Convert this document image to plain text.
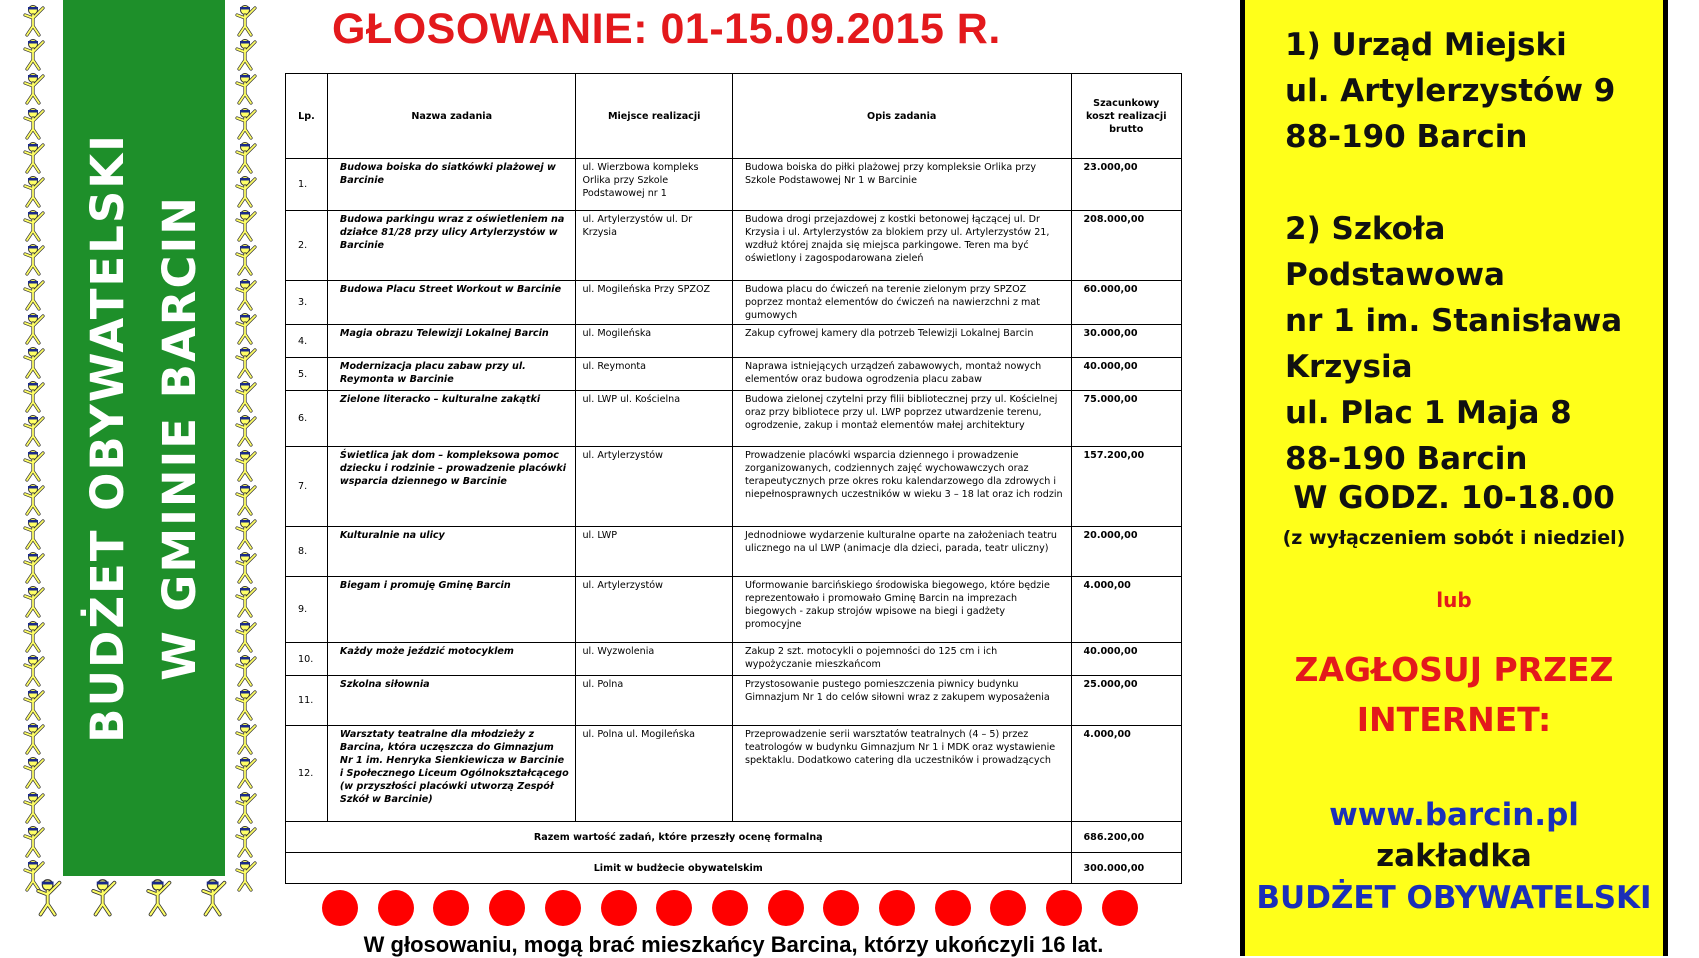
BUDŻET OBYWATELSKI W GMINIE BARCIN
GŁOSOWANIE: 01-15.09.2015 R.
Lp.	Nazwa zadania	Miejsce realizacji	Opis zadania	Szacunkowy koszt realizacji brutto
1.	Budowa boiska do siatkówki plażowej w Barcinie	ul. Wierzbowa kompleks Orlika przy Szkole Podstawowej nr 1	Budowa boiska do piłki plażowej przy kompleksie Orlika przy Szkole Podstawowej Nr 1 w Barcinie	23.000,00
2.	Budowa parkingu wraz z oświetleniem na działce 81/28 przy ulicy Artylerzystów w Barcinie	ul. Artylerzystów ul. Dr Krzysia	Budowa drogi przejazdowej z kostki betonowej łączącej ul. Dr Krzysia i ul. Artylerzystów za blokiem przy ul. Artylerzystów 21, wzdłuż której znajda się miejsca parkingowe. Teren ma być oświetlony i zagospodarowana zieleń	208.000,00
3.	Budowa Placu Street Workout w Barcinie	ul. Mogileńska Przy SPZOZ	Budowa placu do ćwiczeń na terenie zielonym przy SPZOZ poprzez montaż elementów do ćwiczeń na nawierzchni z mat gumowych	60.000,00
4.	Magia obrazu Telewizji Lokalnej Barcin	ul. Mogileńska	Zakup cyfrowej kamery dla potrzeb Telewizji Lokalnej Barcin	30.000,00
5.	Modernizacja placu zabaw przy ul. Reymonta w Barcinie	ul. Reymonta	Naprawa istniejących urządzeń zabawowych, montaż nowych elementów oraz budowa ogrodzenia placu zabaw	40.000,00
6.	Zielone literacko – kulturalne zakątki	ul. LWP ul. Kościelna	Budowa zielonej czytelni przy filii bibliotecznej przy ul. Kościelnej oraz przy bibliotece przy ul. LWP poprzez utwardzenie terenu, ogrodzenie, zakup i montaż elementów małej architektury	75.000,00
7.	Świetlica jak dom – kompleksowa pomoc dziecku i rodzinie – prowadzenie placówki wsparcia dziennego w Barcinie	ul. Artylerzystów	Prowadzenie placówki wsparcia dziennego i prowadzenie zorganizowanych, codziennych zajęć wychowawczych oraz terapeutycznych prze okres roku kalendarzowego dla zdrowych i niepełnosprawnych uczestników w wieku 3 – 18 lat oraz ich rodzin	157.200,00
8.	Kulturalnie na ulicy	ul. LWP	Jednodniowe wydarzenie kulturalne oparte na założeniach teatru ulicznego na ul LWP (animacje dla dzieci, parada, teatr uliczny)	20.000,00
9.	Biegam i promuję Gminę Barcin	ul. Artylerzystów	Uformowanie barcińskiego środowiska biegowego, które będzie reprezentowało i promowało Gminę Barcin na imprezach biegowych - zakup strojów wpisowe na biegi i gadżety promocyjne	4.000,00
10.	Każdy może jeździć motocyklem	ul. Wyzwolenia	Zakup 2 szt. motocykli o pojemności do 125 cm i ich wypożyczanie mieszkańcom	40.000,00
11.	Szkolna siłownia	ul. Polna	Przystosowanie pustego pomieszczenia piwnicy budynku Gimnazjum Nr 1 do celów siłowni wraz z zakupem wyposażenia	25.000,00
12.	Warsztaty teatralne dla młodzieży z Barcina, która uczęszcza do Gimnazjum Nr 1 im. Henryka Sienkiewicza w Barcinie i Społecznego Liceum Ogólnokształcącego (w przyszłości placówki utworzą Zespół Szkół w Barcinie)	ul. Polna ul. Mogileńska	Przeprowadzenie serii warsztatów teatralnych (4 – 5) przez teatrologów w budynku Gimnazjum Nr 1 i MDK oraz wystawienie spektaklu. Dodatkowo catering dla uczestników i prowadzących	4.000,00
Razem wartość zadań, które przeszły ocenę formalną				686.200,00
Limit w budżecie obywatelskim				300.000,00
W głosowaniu, mogą brać mieszkańcy Barcina, którzy ukończyli 16 lat.
1) Urząd Miejski
ul. Artylerzystów 9
88-190 Barcin
2) Szkoła Podstawowa
nr 1 im. Stanisława
Krzysia
ul. Plac 1 Maja 8
88-190 Barcin
W GODZ. 10-18.00
(z wyłączeniem sobót i niedziel)
lub
ZAGŁOSUJ PRZEZ
INTERNET:
www.barcin.pl
zakładka
BUDŻET OBYWATELSKI
